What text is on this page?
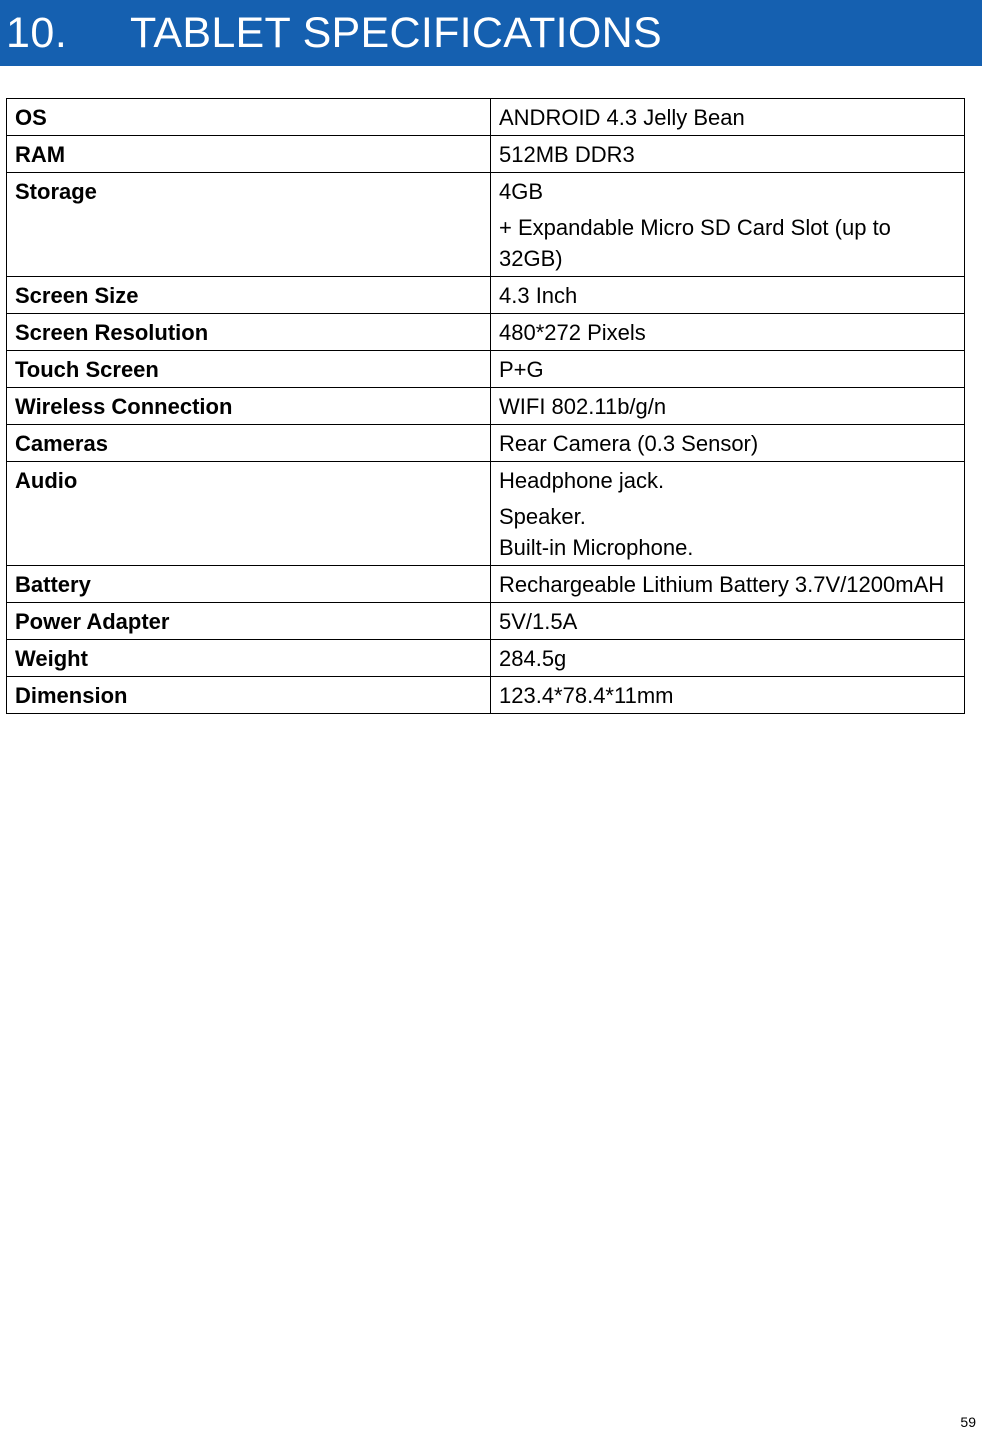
10. TABLET SPECIFICATIONS
OS	ANDROID 4.3 Jelly Bean

RAM	512MB DDR3

Storage	4GB
+ Expandable Micro SD Card Slot (up to 32GB)

Screen Size	4.3 Inch

Screen Resolution	480*272 Pixels

Touch Screen	P+G

Wireless Connection	WIFI 802.11b/g/n

Cameras	Rear Camera (0.3 Sensor)

Audio	Headphone jack.
Speaker.
Built-in Microphone.

Battery	Rechargeable Lithium Battery 3.7V/1200mAH

Power Adapter	5V/1.5A

Weight	284.5g

Dimension	123.4*78.4*11mm
59
